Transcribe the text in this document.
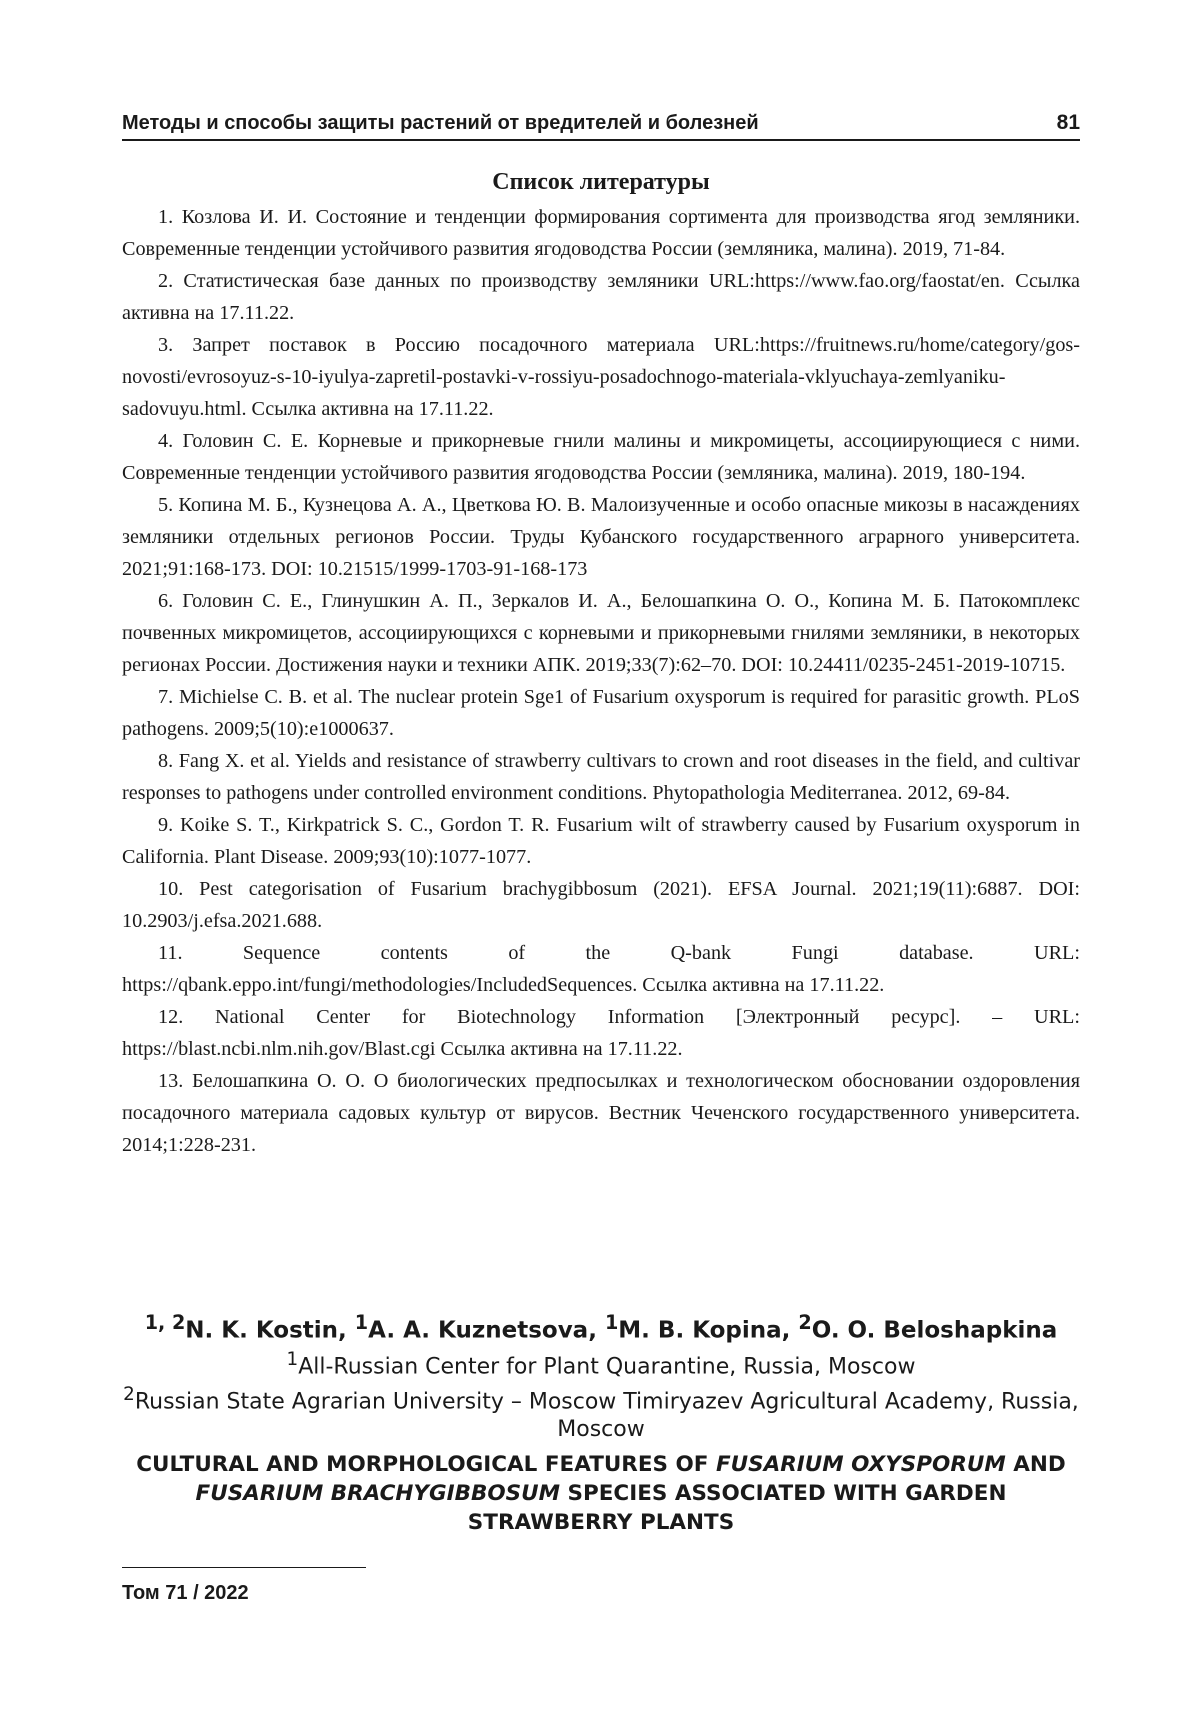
Методы и способы защиты растений от вредителей и болезней	81
Список литературы

1. Козлова И. И. Состояние и тенденции формирования сортимента для производства ягод земляники. Современные тенденции устойчивого развития ягодоводства России (земляника, малина). 2019, 71-84.

2. Статистическая базе данных по производству земляники URL:https://www.fao.org/faostat/en. Ссылка активна на 17.11.22.

3. Запрет поставок в Россию посадочного материала URL:https://fruitnews.ru/home/category/gos-novosti/evrosoyuz-s-10-iyulya-zapretil-postavki-v-rossiyu-posadochnogo-materiala-vklyuchaya-zemlyaniku-sadovuyu.html. Ссылка активна на 17.11.22.

4. Головин С. Е. Корневые и прикорневые гнили малины и микромицеты, ассоциирующиеся с ними. Современные тенденции устойчивого развития ягодоводства России (земляника, малина). 2019, 180-194.

5. Копина М. Б., Кузнецова А. А., Цветкова Ю. В. Малоизученные и особо опасные микозы в насаждениях земляники отдельных регионов России. Труды Кубанского государственного аграрного университета. 2021;91:168-173. DOI: 10.21515/1999-1703-91-168-173

6. Головин С. Е., Глинушкин А. П., Зеркалов И. А., Белошапкина О. О., Копина М. Б. Патокомплекс почвенных микромицетов, ассоциирующихся с корневыми и прикорневыми гнилями земляники, в некоторых регионах России. Достижения науки и техники АПК. 2019;33(7):62–70. DOI: 10.24411/0235-2451-2019-10715.

7. Michielse C. B. et al. The nuclear protein Sge1 of Fusarium oxysporum is required for parasitic growth. PLoS pathogens. 2009;5(10):e1000637.

8. Fang X. et al. Yields and resistance of strawberry cultivars to crown and root diseases in the field, and cultivar responses to pathogens under controlled environment conditions. Phytopathologia Mediterranea. 2012, 69-84.

9. Koike S. T., Kirkpatrick S. C., Gordon T. R. Fusarium wilt of strawberry caused by Fusarium oxysporum in California. Plant Disease. 2009;93(10):1077-1077.

10. Pest categorisation of Fusarium brachygibbosum (2021). EFSA Journal. 2021;19(11):6887. DOI: 10.2903/j.efsa.2021.688.

11. Sequence contents of the Q-bank Fungi database. URL: https://qbank.eppo.int/fungi/methodologies/IncludedSequences. Ссылка активна на 17.11.22.

12. National Center for Biotechnology Information [Электронный ресурс]. – URL: https://blast.ncbi.nlm.nih.gov/Blast.cgi Ссылка активна на 17.11.22.

13. Белошапкина О. О. О биологических предпосылках и технологическом обосновании оздоровления посадочного материала садовых культур от вирусов. Вестник Чеченского государственного университета. 2014;1:228-231.

$^{1, 2}$N. K. Kostin, $^1$A. A. Kuznetsova, $^1$M. B. Kopina, $^2$O. O. Beloshapkina
$^1$All-Russian Center for Plant Quarantine, Russia, Moscow
$^2$Russian State Agrarian University – Moscow Timiryazev Agricultural Academy, Russia, Moscow
CULTURAL AND MORPHOLOGICAL FEATURES OF FUSARIUM OXYSPORUM AND FUSARIUM BRACHYGIBBOSUM SPECIES ASSOCIATED WITH GARDEN STRAWBERRY PLANTS
Том 71 / 2022
